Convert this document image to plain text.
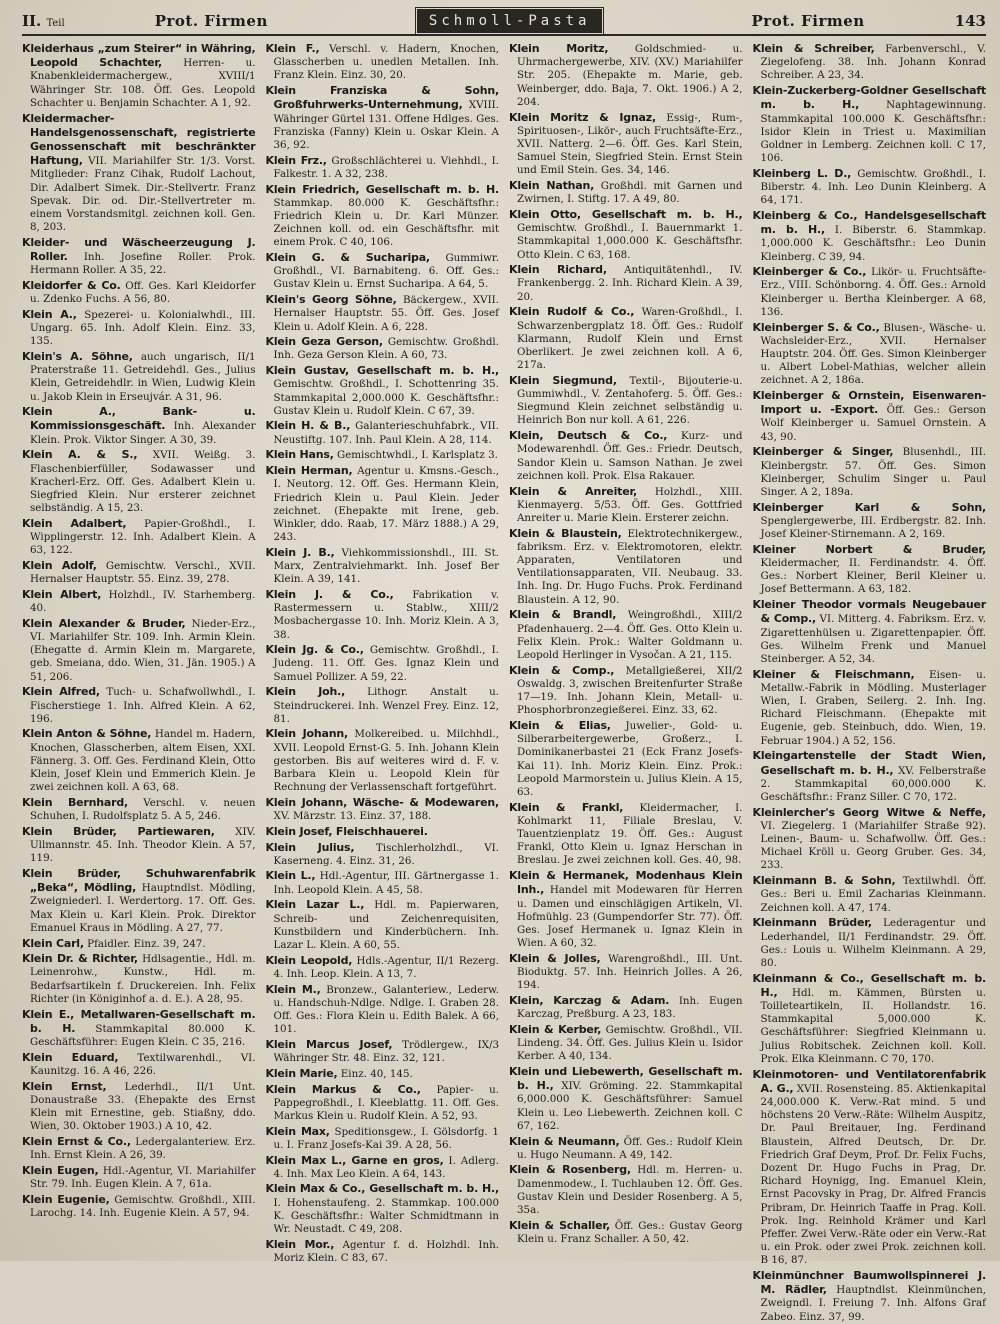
II. Teil	Prot. Firmen	Schmoll-Pasta	Prot. Firmen	143

Kleiderhaus „zum Steirer“ in Währing, Leopold Schachter, Herren- u. Knabenkleidermachergew., XVIII/1 Währinger Str. 108. Öff. Ges. Leopold Schachter u. Benjamin Schachter. A 1, 92.

Kleidermacher- Handelsgenossenschaft, registrierte Genossenschaft mit beschränkter Haftung, VII. Mariahilfer Str. 1/3. Vorst. Mitglieder: Franz Cihak, Rudolf Lachout, Dir. Adalbert Simek. Dir.-Stellvertr. Franz Spevak. Dir. od. Dir.-Stellvertreter m. einem Vorstandsmitgl. zeichnen koll. Gen. 8, 203.

Kleider- und Wäscheerzeugung J. Roller. Inh. Josefine Roller. Prok. Hermann Roller. A 35, 22.

Kleidorfer & Co. Off. Ges. Karl Kleidorfer u. Zdenko Fuchs. A 56, 80.

Klein A., Spezerei- u. Kolonialwhdl., III. Ungarg. 65. Inh. Adolf Klein. Einz. 33, 135.

Klein's A. Söhne, auch ungarisch, II/1 Praterstraße 11. Getreidehdl. Ges., Julius Klein, Getreidehdlr. in Wien, Ludwig Klein u. Jakob Klein in Erseujvár. A 31, 96.

Klein A., Bank- u. Kommissionsgeschäft. Inh. Alexander Klein. Prok. Viktor Singer. A 30, 39.

Klein A. & S., XVII. Weißg. 3. Flaschenbierfüller, Sodawasser und Kracherl-Erz. Off. Ges. Adalbert Klein u. Siegfried Klein. Nur ersterer zeichnet selbständig. A 15, 23.

Klein Adalbert, Papier-Großhdl., I. Wipplingerstr. 12. Inh. Adalbert Klein. A 63, 122.

Klein Adolf, Gemischtw. Verschl., XVII. Hernalser Hauptstr. 55. Einz. 39, 278.

Klein Albert, Holzhdl., IV. Starhemberg. 40.

Klein Alexander & Bruder, Nieder-Erz., VI. Mariahilfer Str. 109. Inh. Armin Klein. (Ehegatte d. Armin Klein m. Margarete, geb. Smeiana, ddo. Wien, 31. Jän. 1905.) A 51, 206.

Klein Alfred, Tuch- u. Schafwollwhdl., I. Fischerstiege 1. Inh. Alfred Klein. A 62, 196.

Klein Anton & Söhne, Handel m. Hadern, Knochen, Glasscherben, altem Eisen, XXI. Fännerg. 3. Off. Ges. Ferdinand Klein, Otto Klein, Josef Klein und Emmerich Klein. Je zwei zeichnen koll. A 63, 68.

Klein Bernhard, Verschl. v. neuen Schuhen, I. Rudolfsplatz 5. A 5, 246.

Klein Brüder, Partiewaren, XIV. Ullmannstr. 45. Inh. Theodor Klein. A 57, 119.

Klein Brüder, Schuhwarenfabrik „Beka“, Mödling, Hauptndlst. Mödling, Zweigniederl. I. Werdertorg. 17. Off. Ges. Max Klein u. Karl Klein. Prok. Direktor Emanuel Kraus in Mödling. A 27, 77.

Klein Carl, Pfaidler. Einz. 39, 247.

Klein Dr. & Richter, Hdlsagentie., Hdl. m. Leinenrohw., Kunstw., Hdl. m. Bedarfsartikeln f. Druckereien. Inh. Felix Richter (in Königinhof a. d. E.). A 28, 95.

Klein E., Metallwaren-Gesellschaft m. b. H. Stammkapital 80.000 K. Geschäftsführer: Eugen Klein. C 35, 216.

Klein Eduard, Textilwarenhdl., VI. Kaunitzg. 16. A 46, 226.

Klein Ernst, Lederhdl., II/1 Unt. Donaustraße 33. (Ehepakte des Ernst Klein mit Ernestine, geb. Stiaßny, ddo. Wien, 30. Oktober 1903.) A 10, 42.

Klein Ernst & Co., Ledergalanteriew. Erz. Inh. Ernst Klein. A 26, 39.

Klein Eugen, Hdl.-Agentur, VI. Mariahilfer Str. 79. Inh. Eugen Klein. A 7, 61a.

Klein Eugenie, Gemischtw. Großhdl., XIII. Larochg. 14. Inh. Eugenie Klein. A 57, 94.

Klein F., Verschl. v. Hadern, Knochen, Glasscherben u. unedlen Metallen. Inh. Franz Klein. Einz. 30, 20.

Klein Franziska & Sohn, Großfuhrwerks-Unternehmung, XVIII. Währinger Gürtel 131. Offene Hdlges. Ges. Franziska (Fanny) Klein u. Oskar Klein. A 36, 92.

Klein Frz., Großschlächterei u. Viehhdl., I. Falkestr. 1. A 32, 238.

Klein Friedrich, Gesellschaft m. b. H. Stammkap. 80.000 K. Geschäftsfhr.: Friedrich Klein u. Dr. Karl Münzer. Zeichnen koll. od. ein Geschäftsfhr. mit einem Prok. C 40, 106.

Klein G. & Sucharipa, Gummiwr. Großhdl., VI. Barnabiteng. 6. Off. Ges.: Gustav Klein u. Ernst Sucharipa. A 64, 5.

Klein's Georg Söhne, Bäckergew., XVII. Hernalser Hauptstr. 55. Öff. Ges. Josef Klein u. Adolf Klein. A 6, 228.

Klein Geza Gerson, Gemischtw. Großhdl. Inh. Geza Gerson Klein. A 60, 73.

Klein Gustav, Gesellschaft m. b. H., Gemischtw. Großhdl., I. Schottenring 35. Stammkapital 2,000.000 K. Geschäftsfhr.: Gustav Klein u. Rudolf Klein. C 67, 39.

Klein H. & B., Galanterieschuhfabrk., VII. Neustiftg. 107. Inh. Paul Klein. A 28, 114.

Klein Hans, Gemischtwhdl., I. Karlsplatz 3.

Klein Herman, Agentur u. Kmsns.-Gesch., I. Neutorg. 12. Off. Ges. Hermann Klein, Friedrich Klein u. Paul Klein. Jeder zeichnet. (Ehepakte mit Irene, geb. Winkler, ddo. Raab, 17. März 1888.) A 29, 243.

Klein J. B., Viehkommissionshdl., III. St. Marx, Zentralviehmarkt. Inh. Josef Ber Klein. A 39, 141.

Klein J. & Co., Fabrikation v. Rastermessern u. Stablw., XIII/2 Mosbachergasse 10. Inh. Moriz Klein. A 3, 38.

Klein Jg. & Co., Gemischtw. Großhdl., I. Judeng. 11. Off. Ges. Ignaz Klein und Samuel Pollizer. A 59, 22.

Klein Joh., Lithogr. Anstalt u. Steindruckerei. Inh. Wenzel Frey. Einz. 12, 81.

Klein Johann, Molkereibed. u. Milchhdl., XVII. Leopold Ernst-G. 5. Inh. Johann Klein gestorben. Bis auf weiteres wird d. F. v. Barbara Klein u. Leopold Klein für Rechnung der Verlassenschaft fortgeführt.

Klein Johann, Wäsche- & Modewaren, XV. Märzstr. 13. Einz. 37, 188.

Klein Josef, Fleischhauerei.

Klein Julius, Tischlerholzhdl., VI. Kaserneng. 4. Einz. 31, 26.

Klein L., Hdl.-Agentur, III. Gärtnergasse 1. Inh. Leopold Klein. A 45, 58.

Klein Lazar L., Hdl. m. Papierwaren, Schreib- und Zeichenrequisiten, Kunstbildern und Kinderbüchern. Inh. Lazar L. Klein. A 60, 55.

Klein Leopold, Hdls.-Agentur, II/1 Rezerg. 4. Inh. Leop. Klein. A 13, 7.

Klein M., Bronzew., Galanteriew., Lederw. u. Handschuh-Ndlge. Ndlge. I. Graben 28. Off. Ges.: Flora Klein u. Edith Balek. A 66, 101.

Klein Marcus Josef, Trödlergew., IX/3 Währinger Str. 48. Einz. 32, 121.

Klein Marie, Einz. 40, 145.

Klein Markus & Co., Papier- u. Pappegroßhdl., I. Kleeblattg. 11. Off. Ges. Markus Klein u. Rudolf Klein. A 52, 93.

Klein Max, Speditionsgew., I. Gölsdorfg. 1 u. I. Franz Josefs-Kai 39. A 28, 56.

Klein Max L., Garne en gros, I. Adlerg. 4. Inh. Max Leo Klein. A 64, 143.

Klein Max & Co., Gesellschaft m. b. H., I. Hohenstaufeng. 2. Stammkap. 100.000 K. Geschäftsfhr.: Walter Schmidtmann in Wr. Neustadt. C 49, 208.

Klein Mor., Agentur f. d. Holzhdl. Inh. Moriz Klein. C 83, 67.

Klein Moritz,	Goldschmied- u. Uhrmachergewerbe, XIV. (XV.) Mariahilfer Str. 205. (Ehepakte m. Marie, geb. Weinberger, ddo. Baja, 7. Okt. 1906.) A 2, 204.

Klein Moritz & Ignaz, Essig-, Rum-, Spirituosen-, Likör-, auch Fruchtsäfte-Erz., XVII. Natterg. 2—6. Öff. Ges. Karl Stein, Samuel Stein, Siegfried Stein. Ernst Stein und Emil Stein. Ges. 34, 146.

Klein Nathan, Großhdl. mit Garnen und Zwirnen, I. Stiftg. 17. A 49, 80.

Klein Otto, Gesellschaft m. b. H., Gemischtw. Großhdl., I. Bauernmarkt 1. Stammkapital 1,000.000 K. Geschäftsfhr. Otto Klein. C 63, 168.

Klein Richard, Antiquitätenhdl., IV. Frankenbergg. 2. Inh. Richard Klein. A 39, 20.

Klein Rudolf & Co., Waren-Großhdl., I. Schwarzenbergplatz 18. Öff. Ges.: Rudolf Klarmann, Rudolf Klein und Ernst Oberlikert. Je zwei zeichnen koll. A 6, 217a.

Klein Siegmund, Textil-, Bijouterie-u. Gummiwhdl., V. Zentahoferg. 5. Öff. Ges.: Siegmund Klein zeichnet selbständig u. Heinrich Bon nur koll. A 61, 226.

Klein, Deutsch & Co., Kurz- und Modewarenhdl. Öff. Ges.: Friedr. Deutsch, Sandor Klein u. Samson Nathan. Je zwei zeichnen koll. Prok. Elsa Rakauer.

Klein & Anreiter, Holzhdl., XIII. Kienmayerg. 5/53. Öff. Ges. Gottfried Anreiter u. Marie Klein. Ersterer zeichn.

Klein & Blaustein, Elektrotechnikergew., fabriksm. Erz. v. Elektromotoren, elektr. Apparaten, Ventilatoren und Ventilationsapparaten, VII. Neubaug. 33. Inh. Ing. Dr. Hugo Fuchs. Prok. Ferdinand Blaustein. A 12, 90.

Klein & Brandl, Weingroßhdl., XIII/2 Pfadenhauerg. 2—4. Öff. Ges. Otto Klein u. Felix Klein. Prok.: Walter Goldmann u. Leopold Herlinger in Vysočan. A 21, 115.

Klein & Comp., Metallgießerei, XII/2 Oswaldg. 3, zwischen Breitenfurter Straße 17—19. Inh. Johann Klein, Metall- u. Phosphorbronzegießerei. Einz. 33, 62.

Klein & Elias, Juwelier-, Gold- u. Silberarbeitergewerbe, Großerz., I. Dominikanerbastei 21 (Eck Franz Josefs-Kai 11). Inh. Moriz Klein. Einz. Prok.: Leopold Marmorstein u. Julius Klein. A 15, 63.

Klein & Frankl, Kleidermacher, I. Kohlmarkt 11, Filiale Breslau, V. Tauentzienplatz 19. Öff. Ges.: August Frankl, Otto Klein u. Ignaz Herschan in Breslau. Je zwei zeichnen koll. Ges. 40, 98.

Klein & Hermanek, Modenhaus Klein Inh., Handel mit Modewaren für Herren u. Damen und einschlägigen Artikeln, VI. Hofmühlg. 23 (Gumpendorfer Str. 77). Öff. Ges. Josef Hermanek u. Ignaz Klein in Wien. A 60, 32.

Klein & Jolles, Warengroßhdl., III. Unt. Bioduktg. 57. Inh. Heinrich Jolles. A 26, 194.

Klein, Karczag & Adam. Inh. Eugen Karczag, Preßburg. A 23, 183.

Klein & Kerber, Gemischtw. Großhdl., VII. Lindeng. 34. Öff. Ges. Julius Klein u. Isidor Kerber. A 40, 134.

Klein und Liebewerth, Gesellschaft m. b. H., XIV. Gröming. 22. Stammkapital 6,000.000 K. Geschäftsführer: Samuel Klein u. Leo Liebewerth. Zeichnen koll. C 67, 162.

Klein & Neumann, Öff. Ges.: Rudolf Klein u. Hugo Neumann. A 49, 142.

Klein & Rosenberg, Hdl. m. Herren- u. Damenmodew., I. Tuchlauben 12. Öff. Ges. Gustav Klein und Desider Rosenberg. A 5, 35a.

Klein & Schaller, Öff. Ges.: Gustav Georg Klein u. Franz Schaller. A 50, 42.

Klein & Schreiber, Farbenverschl., V. Ziegelofeng. 38. Inh. Johann Konrad Schreiber. A 23, 34.

Klein-Zuckerberg-Goldner Gesellschaft m. b. H.,	Naphtagewinnung. Stammkapital 100.000 K. Geschäftsfhr.: Isidor Klein in Triest u. Maximilian Goldner in Lemberg. Zeichnen koll. C 17, 106.

Kleinberg L. D., Gemischtw. Großhdl., I. Biberstr. 4. Inh. Leo Dunin Kleinberg. A 64, 171.

Kleinberg & Co., Handelsgesellschaft m. b. H., I. Biberstr. 6. Stammkap. 1,000.000 K. Geschäftsfhr.: Leo Dunin Kleinberg. C 39, 94.

Kleinberger & Co., Likör- u. Fruchtsäfte-Erz., VIII. Schönborng. 4. Öff. Ges.: Arnold Kleinberger u. Bertha Kleinberger. A 68, 136.

Kleinberger S. & Co., Blusen-, Wäsche- u. Wachsleider-Erz., XVII. Hernalser Hauptstr. 204. Öff. Ges. Simon Kleinberger u. Albert Lobel-Mathias, welcher allein zeichnet. A 2, 186a.

Kleinberger & Ornstein, Eisenwaren-Import u. -Export. Öff. Ges.: Gerson Wolf Kleinberger u. Samuel Ornstein. A 43, 90.

Kleinberger & Singer, Blusenhdl., III. Kleinbergstr. 57. Öff. Ges. Simon Kleinberger, Schulim Singer u. Paul Singer. A 2, 189a.

Kleinberger Karl & Sohn, Spenglergewerbe, III. Erdbergstr. 82. Inh. Josef Kleiner-Stirnemann. A 2, 169.

Kleiner Norbert & Bruder, Kleidermacher, II. Ferdinandstr. 4. Öff. Ges.: Norbert Kleiner, Beril Kleiner u. Josef Bettermann. A 63, 182.

Kleiner Theodor vormals Neugebauer & Comp., VI. Mitterg. 4. Fabriksm. Erz. v. Zigarettenhülsen u. Zigarettenpapier. Öff. Ges. Wilhelm Frenk und Manuel Steinberger. A 52, 34.

Kleiner & Fleischmann, Eisen- u. Metallw.-Fabrik in Mödling. Musterlager Wien, I. Graben, Seilerg. 2. Inh. Ing. Richard Fleischmann. (Ehepakte mit Eugenie, geb. Steinbuch, ddo. Wien, 19. Februar 1904.) A 52, 156.

Kleingartenstelle der Stadt Wien, Gesellschaft m. b. H., XV. Felberstraße 2. Stammkapital 60,000.000 K. Geschäftsfhr.: Franz Siller. C 70, 172.

Kleinlercher's Georg Witwe & Neffe, VI. Ziegelerg. 1 (Mariahilfer Straße 92). Leinen-, Baum- u. Schafwollw. Öff. Ges.: Michael Kröll u. Georg Gruber. Ges. 34, 233.

Kleinmann B. & Sohn, Textilwhdl. Öff. Ges.: Beri u. Emil Zacharias Kleinmann. Zeichnen koll. A 47, 174.

Kleinmann Brüder, Lederagentur und Lederhandel, II/1 Ferdinandstr. 29. Öff. Ges.: Louis u. Wilhelm Kleinmann. A 29, 80.

Kleinmann & Co., Gesellschaft m. b. H., Hdl. m. Kämmen, Bürsten u. Toilleteartikeln, II. Hollandstr. 16. Stammkapital 5,000.000 K. Geschäftsführer: Siegfried Kleinmann u. Julius Robitschek. Zeichnen koll. Koll. Prok. Elka Kleinmann. C 70, 170.

Kleinmotoren- und Ventilatorenfabrik A. G., XVII. Rosensteing. 85. Aktienkapital 24,000.000 K. Verw.-Rat mind. 5 und höchstens 20 Verw.-Räte: Wilhelm Auspitz, Dr. Paul Breitauer, Ing. Ferdinand Blaustein, Alfred Deutsch, Dr. Dr. Friedrich Graf Deym, Prof. Dr. Felix Fuchs, Dozent Dr. Hugo Fuchs in Prag, Dr. Richard Hoynigg, Ing. Emanuel Klein, Ernst Pacovsky in Prag, Dr. Alfred Francis Pribram, Dr. Heinrich Taaffe in Prag. Koll. Prok. Ing. Reinhold Krämer und Karl Pfeffer. Zwei Verw.-Räte oder ein Verw.-Rat u. ein Prok. oder zwei Prok. zeichnen koll. B 16, 87.

Kleinmünchner Baumwollspinnerei J. M. Rädler, Hauptndlst. Kleinmünchen, Zweigndl. I. Freiung 7. Inh. Alfons Graf Zabeo. Einz. 37, 99.
